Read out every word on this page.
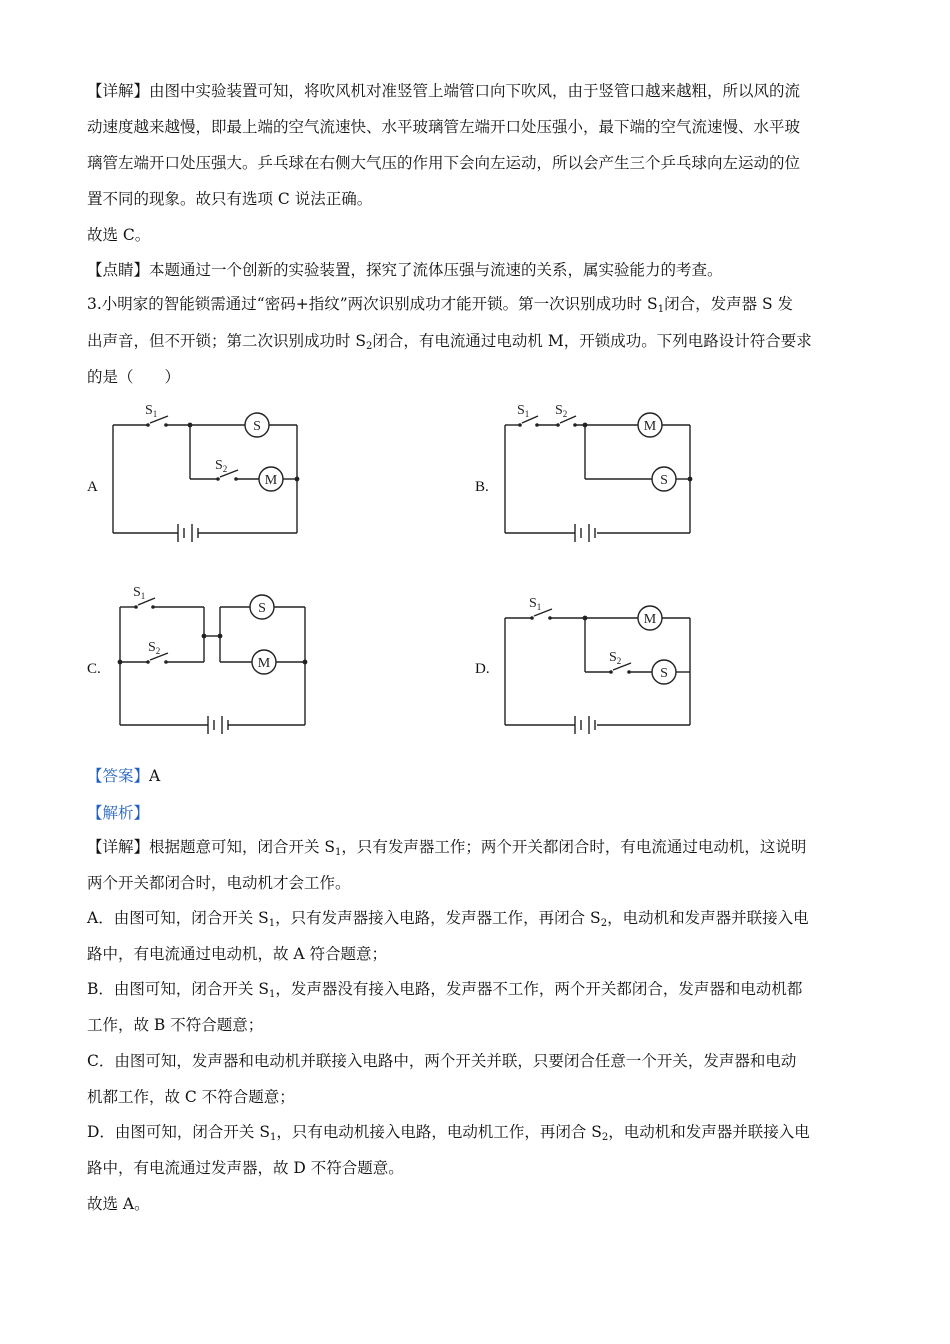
【详解】由图中实验装置可知，将吹风机对准竖管上端管口向下吹风，由于竖管口越来越粗，所以风的流
动速度越来越慢，即最上端的空气流速快、水平玻璃管左端开口处压强小，最下端的空气流速慢、水平玻
璃管左端开口处压强大。乒乓球在右侧大气压的作用下会向左运动，所以会产生三个乒乓球向左运动的位
置不同的现象。故只有选项 C 说法正确。
故选 C。
【点睛】本题通过一个创新的实验装置，探究了流体压强与流速的关系，属实验能力的考查。
3.小明家的智能锁需通过“密码+指纹”两次识别成功才能开锁。第一次识别成功时 $S_1$闭合，发声器 S 发
出声音，但不开锁；第二次识别成功时 $S_2$闭合，有电流通过电动机 M，开锁成功。下列电路设计符合要求
的是（　　）
A	B.
C.	D.
S
M
M
S
S
M
M
S
$S_1$
$S_2$
$S_1$ $S_2$
$S_1$
$S_2$
$S_1$
$S_2$
【答案】A
【解析】
【详解】根据题意可知，闭合开关 $S_1$，只有发声器工作；两个开关都闭合时，有电流通过电动机，这说明
两个开关都闭合时，电动机才会工作。
A．由图可知，闭合开关 $S_1$，只有发声器接入电路，发声器工作，再闭合 $S_2$，电动机和发声器并联接入电
路中，有电流通过电动机，故 A 符合题意；
B．由图可知，闭合开关 $S_1$，发声器没有接入电路，发声器不工作，两个开关都闭合，发声器和电动机都
工作，故 B 不符合题意；
C．由图可知，发声器和电动机并联接入电路中，两个开关并联，只要闭合任意一个开关，发声器和电动
机都工作，故 C 不符合题意；
D．由图可知，闭合开关 $S_1$，只有电动机接入电路，电动机工作，再闭合 $S_2$，电动机和发声器并联接入电
路中，有电流通过发声器，故 D 不符合题意。
故选 A。
